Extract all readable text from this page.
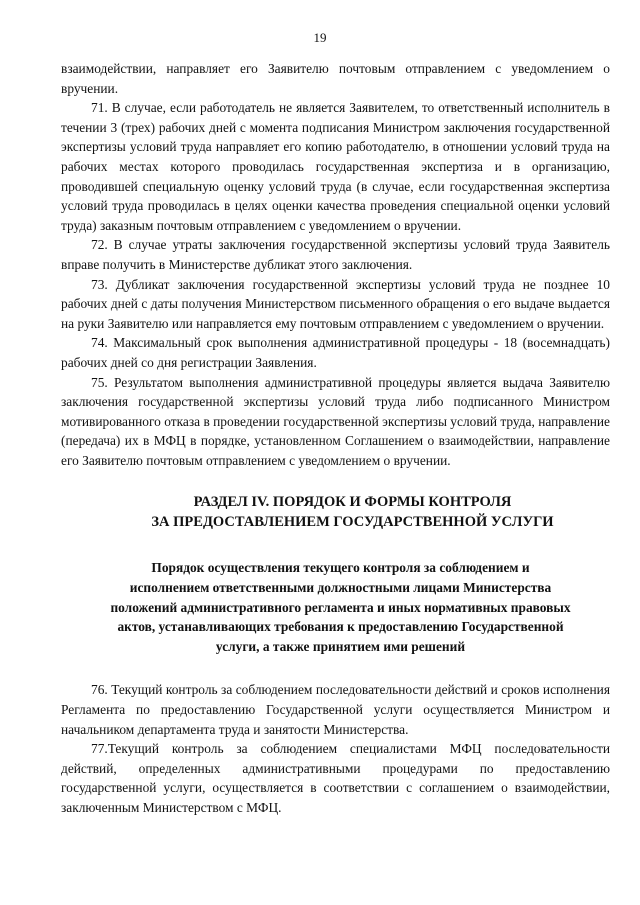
19

взаимодействии, направляет его Заявителю почтовым отправлением с уведомлением о вручении.

71. В случае, если работодатель не является Заявителем, то ответственный исполнитель в течении 3 (трех) рабочих дней с момента подписания Министром заключения государственной экспертизы условий труда направляет его копию работодателю, в отношении условий труда на рабочих местах которого проводилась государственная экспертиза и в организацию, проводившей специальную оценку условий труда (в случае, если государственная экспертиза условий труда проводилась в целях оценки качества проведения специальной оценки условий труда) заказным почтовым отправлением с уведомлением о вручении.

72. В случае утраты заключения государственной экспертизы условий труда Заявитель вправе получить в Министерстве дубликат этого заключения.

73. Дубликат заключения государственной экспертизы условий труда не позднее 10 рабочих дней с даты получения Министерством письменного обращения о его выдаче выдается на руки Заявителю или направляется ему почтовым отправлением с уведомлением о вручении.

74. Максимальный срок выполнения административной процедуры - 18 (восемнадцать) рабочих дней со дня регистрации Заявления.

75. Результатом выполнения административной процедуры является выдача Заявителю заключения государственной экспертизы условий труда либо подписанного Министром мотивированного отказа в проведении государственной экспертизы условий труда, направление (передача) их в МФЦ в порядке, установленном Соглашением о взаимодействии, направление его Заявителю почтовым отправлением с уведомлением о вручении.

РАЗДЕЛ IV. ПОРЯДОК И ФОРМЫ КОНТРОЛЯ
ЗА ПРЕДОСТАВЛЕНИЕМ ГОСУДАРСТВЕННОЙ УСЛУГИ
Порядок осуществления текущего контроля за соблюдением и
исполнением ответственными должностными лицами Министерства
положений административного регламента и иных нормативных правовых
актов, устанавливающих требования к предоставлению Государственной
услуги, а также принятием ими решений

76. Текущий контроль за соблюдением последовательности действий и сроков исполнения Регламента по предоставлению Государственной услуги осуществляется Министром и начальником департамента труда и занятости Министерства.

77.Текущий контроль за соблюдением специалистами МФЦ последовательности действий, определенных административными процедурами по предоставлению государственной услуги, осуществляется в соответствии с соглашением о взаимодействии, заключенным Министерством с МФЦ.
